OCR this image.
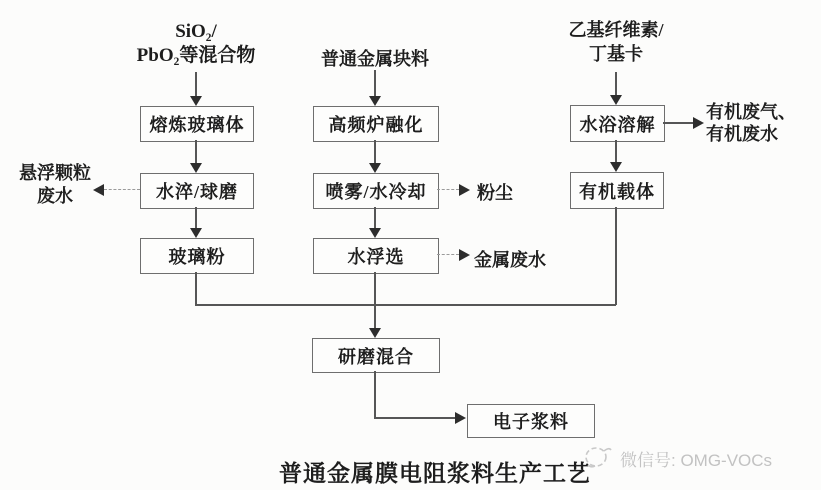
SiO₂/
PbO₂等混合物
熔炼玻璃体
水淬/球磨
悬浮颗粒
废水
玻璃粉
普通金属块料
高频炉融化
喷雾/水冷却	粉尘
水浮选	金属废水
乙基纤维素/
丁基卡
水浴溶解
有机废气、
有机废水
有机载体
研磨混合
电子浆料
普通金属膜电阻浆料生产工艺
微信号: OMG-VOCs
